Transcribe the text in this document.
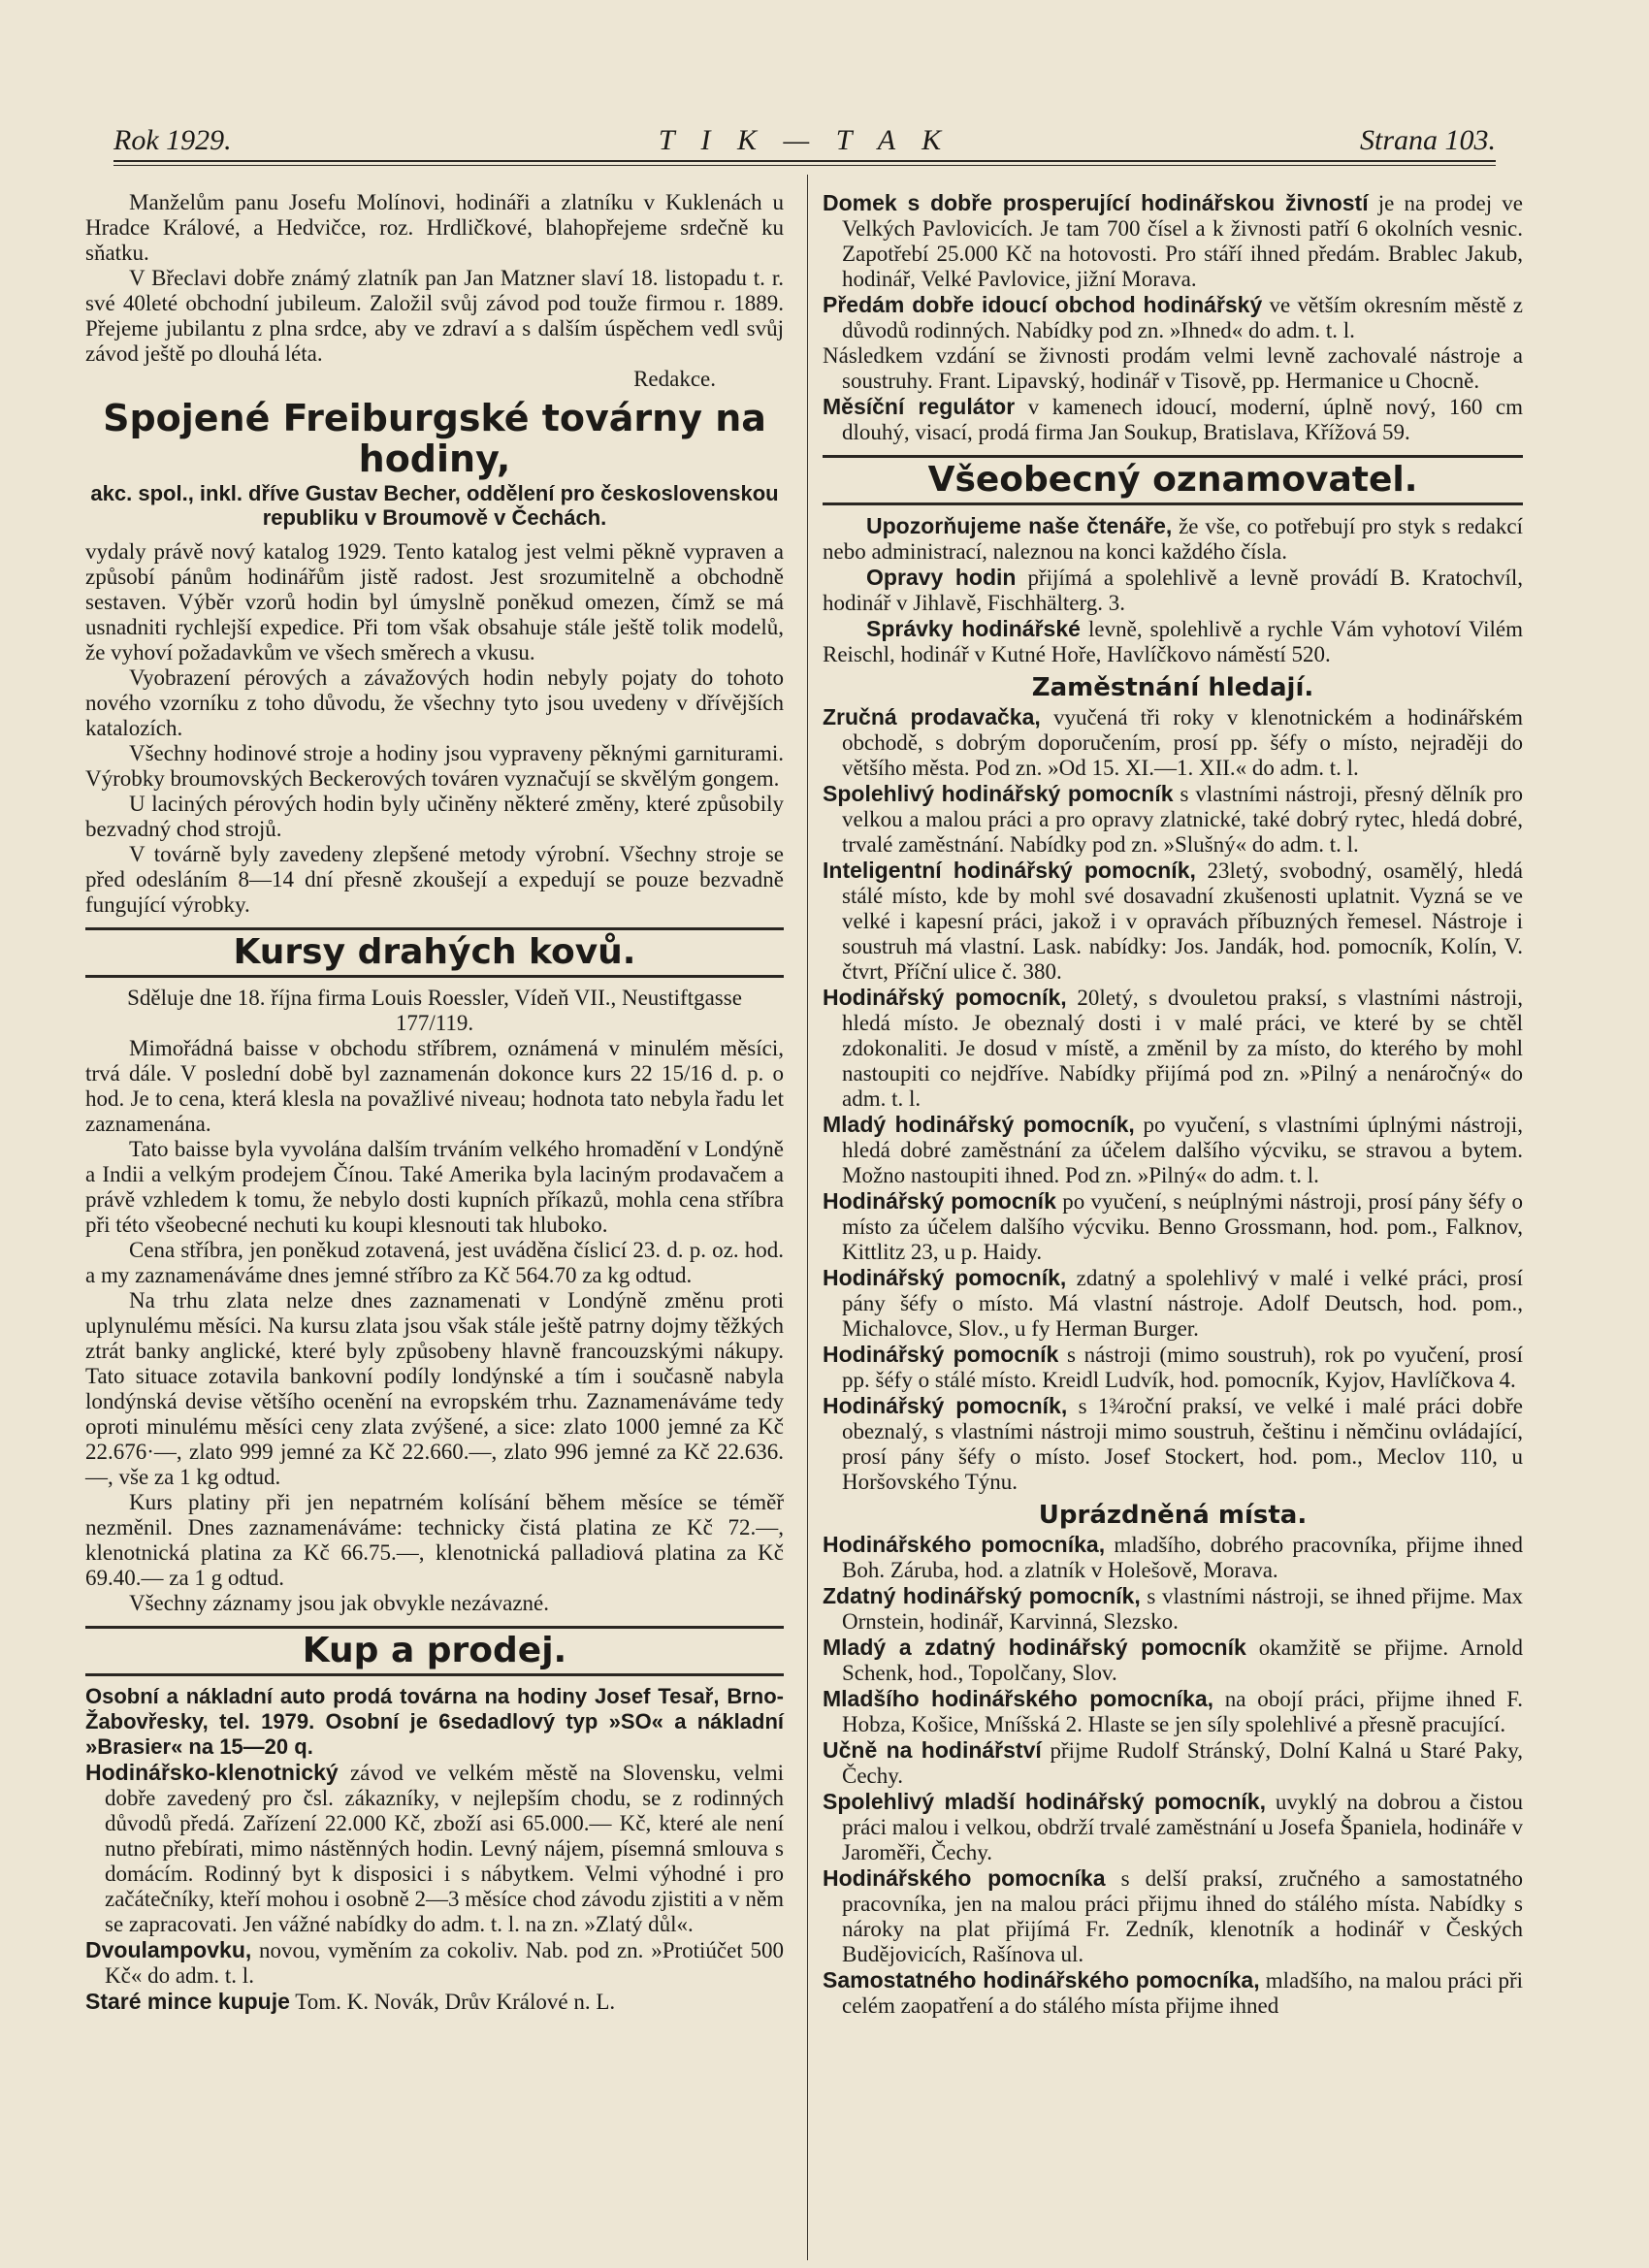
Rok 1929.	T I K — T A K	Strana 103.

Manželům panu Josefu Molínovi, hodináři a zlatníku v Kuklenách u Hradce Králové, a Hedvičce, roz. Hrdličkové, blahopřejeme srdečně ku sňatku.

V Břeclavi dobře známý zlatník pan Jan Matzner slaví 18. listopadu t. r. své 40leté obchodní jubileum. Založil svůj závod pod touže firmou r. 1889. Přejeme jubilantu z plna srdce, aby ve zdraví a s dalším úspěchem vedl svůj závod ještě po dlouhá léta.

Redakce.

Spojené Freiburgské továrny na hodiny,
akc. spol., inkl. dříve Gustav Becher, oddělení pro československou republiku v Broumově v Čechách.

vydaly právě nový katalog 1929. Tento katalog jest velmi pěkně vypraven a způsobí pánům hodinářům jistě radost. Jest srozumitelně a obchodně sestaven. Výběr vzorů hodin byl úmyslně poněkud omezen, čímž se má usnadniti rychlejší expedice. Při tom však obsahuje stále ještě tolik modelů, že vyhoví požadavkům ve všech směrech a vkusu.

Vyobrazení pérových a závažových hodin nebyly pojaty do tohoto nového vzorníku z toho důvodu, že všechny tyto jsou uvedeny v dřívějších katalozích.

Všechny hodinové stroje a hodiny jsou vypraveny pěknými garniturami. Výrobky broumovských Beckerových továren vyznačují se skvělým gongem.

U laciných pérových hodin byly učiněny některé změny, které způsobily bezvadný chod strojů.

V továrně byly zavedeny zlepšené metody výrobní. Všechny stroje se před odesláním 8—14 dní přesně zkoušejí a expedují se pouze bezvadně fungující výrobky.

Kursy drahých kovů.

Sděluje dne 18. října firma Louis Roessler, Vídeň VII., Neustiftgasse 177/119.

Mimořádná baisse v obchodu stříbrem, oznámená v minulém měsíci, trvá dále. V poslední době byl zaznamenán dokonce kurs 22 15/16 d. p. o hod. Je to cena, která klesla na považlivé niveau; hodnota tato nebyla řadu let zaznamenána.

Tato baisse byla vyvolána dalším trváním velkého hromadění v Londýně a Indii a velkým prodejem Čínou. Také Amerika byla laciným prodavačem a právě vzhledem k tomu, že nebylo dosti kupních příkazů, mohla cena stříbra při této všeobecné nechuti ku koupi klesnouti tak hluboko.

Cena stříbra, jen poněkud zotavená, jest uváděna číslicí 23. d. p. oz. hod. a my zaznamenáváme dnes jemné stříbro za Kč 564.70 za kg odtud.

Na trhu zlata nelze dnes zaznamenati v Londýně změnu proti uplynulému měsíci. Na kursu zlata jsou však stále ještě patrny dojmy těžkých ztrát banky anglické, které byly způsobeny hlavně francouzskými nákupy. Tato situace zotavila bankovní podíly londýnské a tím i současně nabyla londýnská devise většího ocenění na evropském trhu. Zaznamenáváme tedy oproti minulému měsíci ceny zlata zvýšené, a sice: zlato 1000 jemné za Kč 22.676·—, zlato 999 jemné za Kč 22.660.—, zlato 996 jemné za Kč 22.636.—, vše za 1 kg odtud.

Kurs platiny při jen nepatrném kolísání během měsíce se téměř nezměnil. Dnes zaznamenáváme: technicky čistá platina ze Kč 72.—, klenotnická platina za Kč 66.75.—, klenotnická palladiová platina za Kč 69.40.— za 1 g odtud.

Všechny záznamy jsou jak obvykle nezávazné.

Kup a prodej.

Osobní a nákladní auto prodá továrna na hodiny Josef Tesař, Brno-Žabovřesky, tel. 1979. Osobní je 6sedadlový typ »SO« a nákladní »Brasier« na 15—20 q.

Hodinářsko-klenotnický závod ve velkém městě na Slovensku, velmi dobře zavedený pro čsl. zákazníky, v nejlepším chodu, se z rodinných důvodů předá. Zařízení 22.000 Kč, zboží asi 65.000.— Kč, které ale není nutno přebírati, mimo nástěnných hodin. Levný nájem, písemná smlouva s domácím. Rodinný byt k disposici i s nábytkem. Velmi výhodné i pro začátečníky, kteří mohou i osobně 2—3 měsíce chod závodu zjistiti a v něm se zapracovati. Jen vážné nabídky do adm. t. l. na zn. »Zlatý důl«.

Dvoulampovku, novou, vyměním za cokoliv. Nab. pod zn. »Protiúčet 500 Kč« do adm. t. l.

Staré mince kupuje Tom. K. Novák, Drův Králové n. L.

Domek s dobře prosperující hodinářskou živností je na prodej ve Velkých Pavlovicích. Je tam 700 čísel a k živnosti patří 6 okolních vesnic. Zapotřebí 25.000 Kč na hotovosti. Pro stáří ihned předám. Brablec Jakub, hodinář, Velké Pavlovice, jižní Morava.

Předám dobře idoucí obchod hodinářský ve větším okresním městě z důvodů rodinných. Nabídky pod zn. »Ihned« do adm. t. l.

Následkem vzdání se živnosti prodám velmi levně zachovalé nástroje a soustruhy. Frant. Lipavský, hodinář v Tisově, pp. Hermanice u Chocně.

Měsíční regulátor v kamenech idoucí, moderní, úplně nový, 160 cm dlouhý, visací, prodá firma Jan Soukup, Bratislava, Křížová 59.

Všeobecný oznamovatel.

Upozorňujeme naše čtenáře, že vše, co potřebují pro styk s redakcí nebo administrací, naleznou na konci každého čísla.

Opravy hodin přijímá a spolehlivě a levně provádí B. Kratochvíl, hodinář v Jihlavě, Fischhälterg. 3.

Správky hodinářské levně, spolehlivě a rychle Vám vyhotoví Vilém Reischl, hodinář v Kutné Hoře, Havlíčkovo náměstí 520.

Zaměstnání hledají.

Zručná prodavačka, vyučená tři roky v klenotnickém a hodinářském obchodě, s dobrým doporučením, prosí pp. šéfy o místo, nejraději do většího města. Pod zn. »Od 15. XI.—1. XII.« do adm. t. l.

Spolehlivý hodinářský pomocník s vlastními nástroji, přesný dělník pro velkou a malou práci a pro opravy zlatnické, také dobrý rytec, hledá dobré, trvalé zaměstnání. Nabídky pod zn. »Slušný« do adm. t. l.

Inteligentní hodinářský pomocník, 23letý, svobodný, osamělý, hledá stálé místo, kde by mohl své dosavadní zkušenosti uplatnit. Vyzná se ve velké i kapesní práci, jakož i v opravách příbuzných řemesel. Nástroje i soustruh má vlastní. Lask. nabídky: Jos. Jandák, hod. pomocník, Kolín, V. čtvrt, Příční ulice č. 380.

Hodinářský pomocník, 20letý, s dvouletou praksí, s vlastními nástroji, hledá místo. Je obeznalý dosti i v malé práci, ve které by se chtěl zdokonaliti. Je dosud v místě, a změnil by za místo, do kterého by mohl nastoupiti co nejdříve. Nabídky přijímá pod zn. »Pilný a nenáročný« do adm. t. l.

Mladý hodinářský pomocník, po vyučení, s vlastními úplnými nástroji, hledá dobré zaměstnání za účelem dalšího výcviku, se stravou a bytem. Možno nastoupiti ihned. Pod zn. »Pilný« do adm. t. l.

Hodinářský pomocník po vyučení, s neúplnými nástroji, prosí pány šéfy o místo za účelem dalšího výcviku. Benno Grossmann, hod. pom., Falknov, Kittlitz 23, u p. Haidy.

Hodinářský pomocník, zdatný a spolehlivý v malé i velké práci, prosí pány šéfy o místo. Má vlastní nástroje. Adolf Deutsch, hod. pom., Michalovce, Slov., u fy Herman Burger.

Hodinářský pomocník s nástroji (mimo soustruh), rok po vyučení, prosí pp. šéfy o stálé místo. Kreidl Ludvík, hod. pomocník, Kyjov, Havlíčkova 4.

Hodinářský pomocník, s 1¾roční praksí, ve velké i malé práci dobře obeznalý, s vlastními nástroji mimo soustruh, češtinu i němčinu ovládající, prosí pány šéfy o místo. Josef Stockert, hod. pom., Meclov 110, u Horšovského Týnu.

Uprázdněná místa.

Hodinářského pomocníka, mladšího, dobrého pracovníka, přijme ihned Boh. Záruba, hod. a zlatník v Holešově, Morava.

Zdatný hodinářský pomocník, s vlastními nástroji, se ihned přijme. Max Ornstein, hodinář, Karvinná, Slezsko.

Mladý a zdatný hodinářský pomocník okamžitě se přijme. Arnold Schenk, hod., Topolčany, Slov.

Mladšího hodinářského pomocníka, na obojí práci, přijme ihned F. Hobza, Košice, Mníšská 2. Hlaste se jen síly spolehlivé a přesně pracující.

Učně na hodinářství přijme Rudolf Stránský, Dolní Kalná u Staré Paky, Čechy.

Spolehlivý mladší hodinářský pomocník, uvyklý na dobrou a čistou práci malou i velkou, obdrží trvalé zaměstnání u Josefa Španiela, hodináře v Jaroměři, Čechy.

Hodinářského pomocníka s delší praksí, zručného a samostatného pracovníka, jen na malou práci přijmu ihned do stálého místa. Nabídky s nároky na plat přijímá Fr. Zedník, klenotník a hodinář v Českých Budějovicích, Rašínova ul.

Samostatného hodinářského pomocníka, mladšího, na malou práci při celém zaopatření a do stálého místa přijme ihned
